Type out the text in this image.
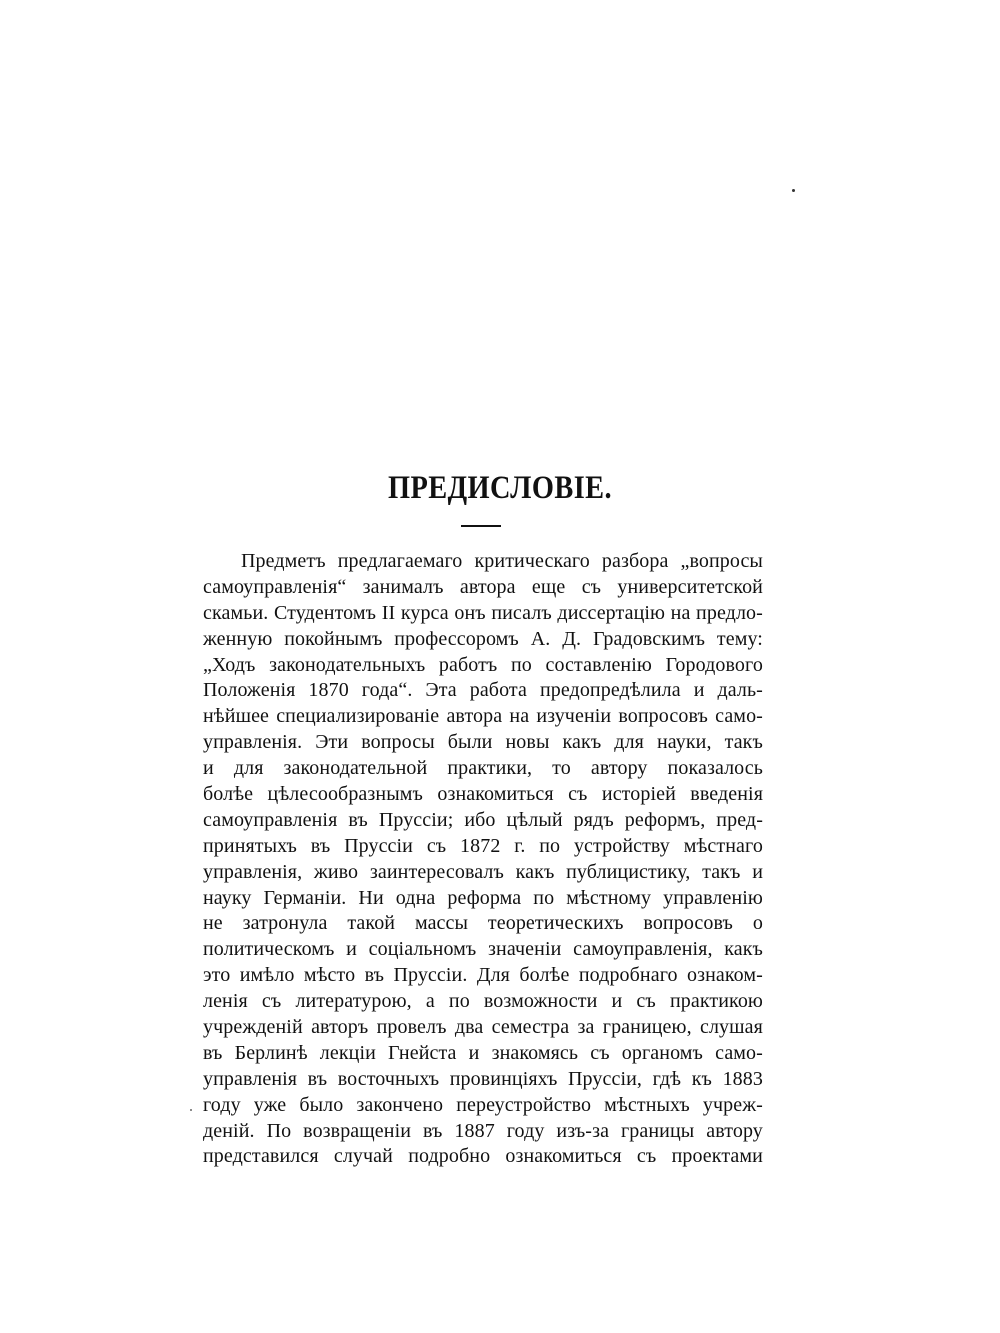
ПРЕДИСЛОВІЕ.
Предметъ предлагаемаго критическаго разбора „вопросы
самоуправленія“ занималъ автора еще съ университетской
скамьи. Студентомъ II курса онъ писалъ диссертацію на предло-
женную покойнымъ профессоромъ А. Д. Градовскимъ тему:
„Ходъ законодательныхъ работъ по составленію Городового
Положенія 1870 года“. Эта работа предопредѣлила и даль-
нѣйшее специализированіе автора на изученіи вопросовъ само-
управленія. Эти вопросы были новы какъ для науки, такъ
и для законодательной практики, то автору показалось
болѣе цѣлесообразнымъ ознакомиться съ исторіей введенія
самоуправленія въ Пруссіи; ибо цѣлый рядъ реформъ, пред-
принятыхъ въ Пруссіи съ 1872 г. по устройству мѣстнаго
управленія, живо заинтересовалъ какъ публицистику, такъ и
науку Германіи. Ни одна реформа по мѣстному управленію
не затронула такой массы теоретическихъ вопросовъ о
политическомъ и соціальномъ значеніи самоуправленія, какъ
это имѣло мѣсто въ Пруссіи. Для болѣе подробнаго ознаком-
ленія съ литературою, а по возможности и съ практикою
учрежденій авторъ провелъ два семестра за границею, слушая
въ Берлинѣ лекціи Гнейста и знакомясь съ органомъ само-
управленія въ восточныхъ провинціяхъ Пруссіи, гдѣ къ 1883
году уже было закончено переустройство мѣстныхъ учреж-
деній. По возвращеніи въ 1887 году изъ-за границы автору
представился случай подробно ознакомиться съ проектами
